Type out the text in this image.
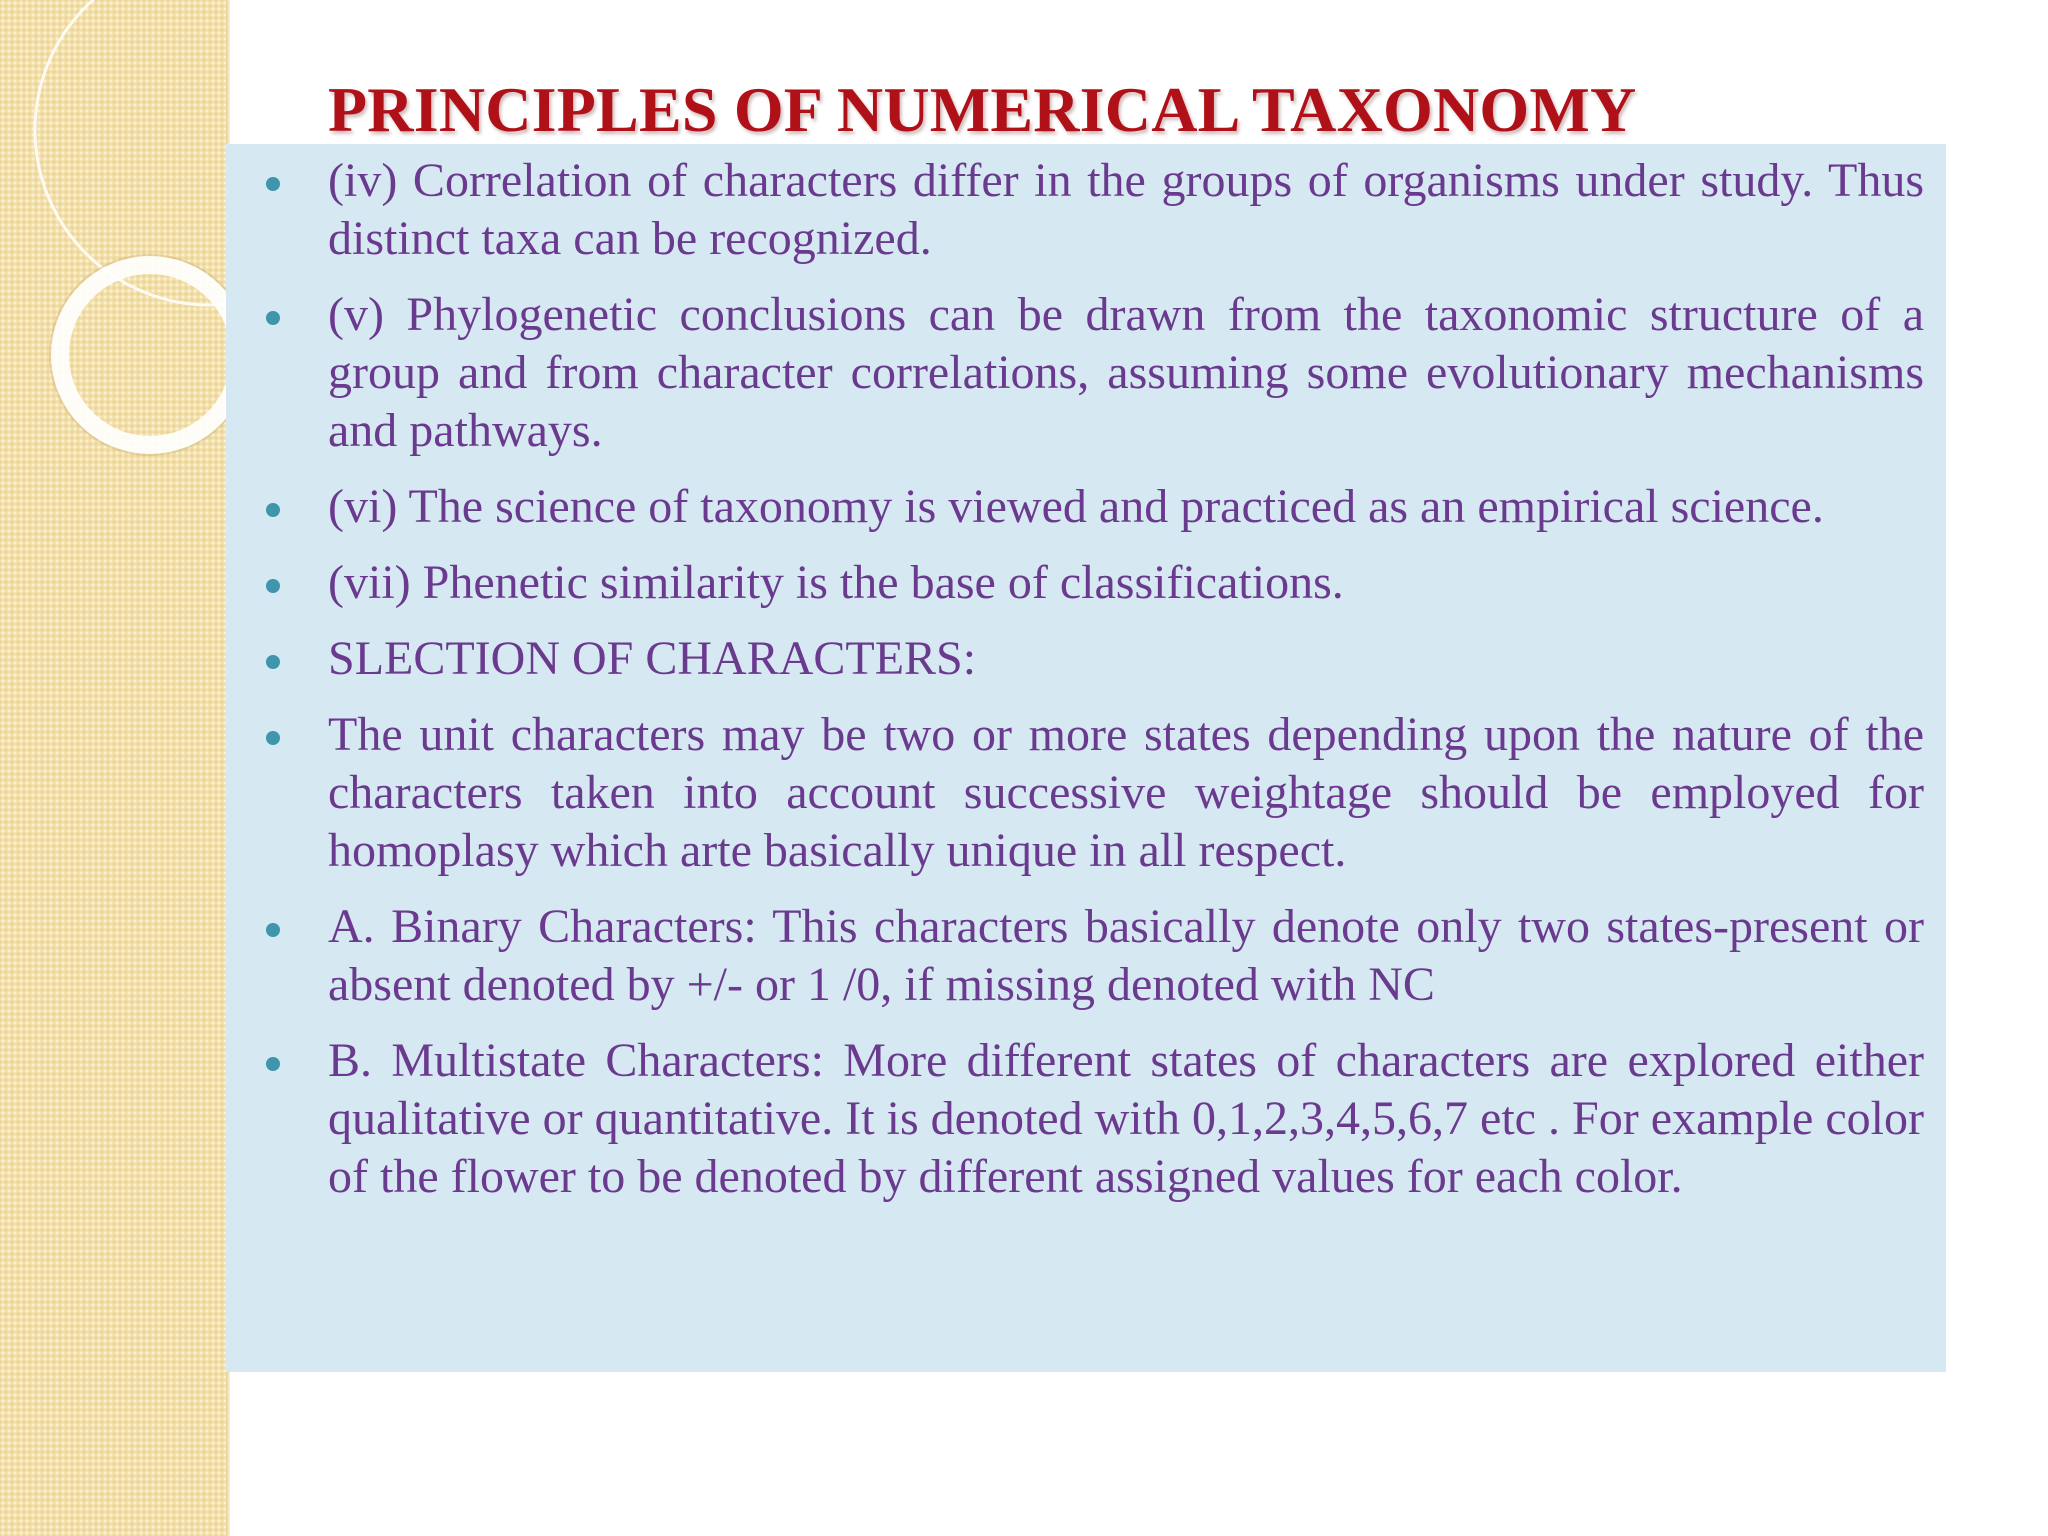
PRINCIPLES OF NUMERICAL TAXONOMY
(iv) Correlation of characters differ in the groups of organisms under study. Thus distinct taxa can be recognized.
(v) Phylogenetic conclusions can be drawn from the taxonomic structure of a group and from character correlations, assuming some evolutionary mechanisms and pathways.
(vi) The science of taxonomy is viewed and practiced as an empirical science.
(vii) Phenetic similarity is the base of classifications.
SLECTION OF CHARACTERS:
The unit characters may be two or more states depending upon the nature of the characters taken into account successive weightage should be employed for homoplasy which arte basically unique in all respect.
A. Binary Characters: This characters basically denote only two states-present or absent denoted by +/- or 1 /0, if missing denoted with NC
B. Multistate Characters: More different states of characters are explored either qualitative or quantitative. It is denoted with 0,1,2,3,4,5,6,7 etc . For example color of the flower to be denoted by different assigned values for each color.
